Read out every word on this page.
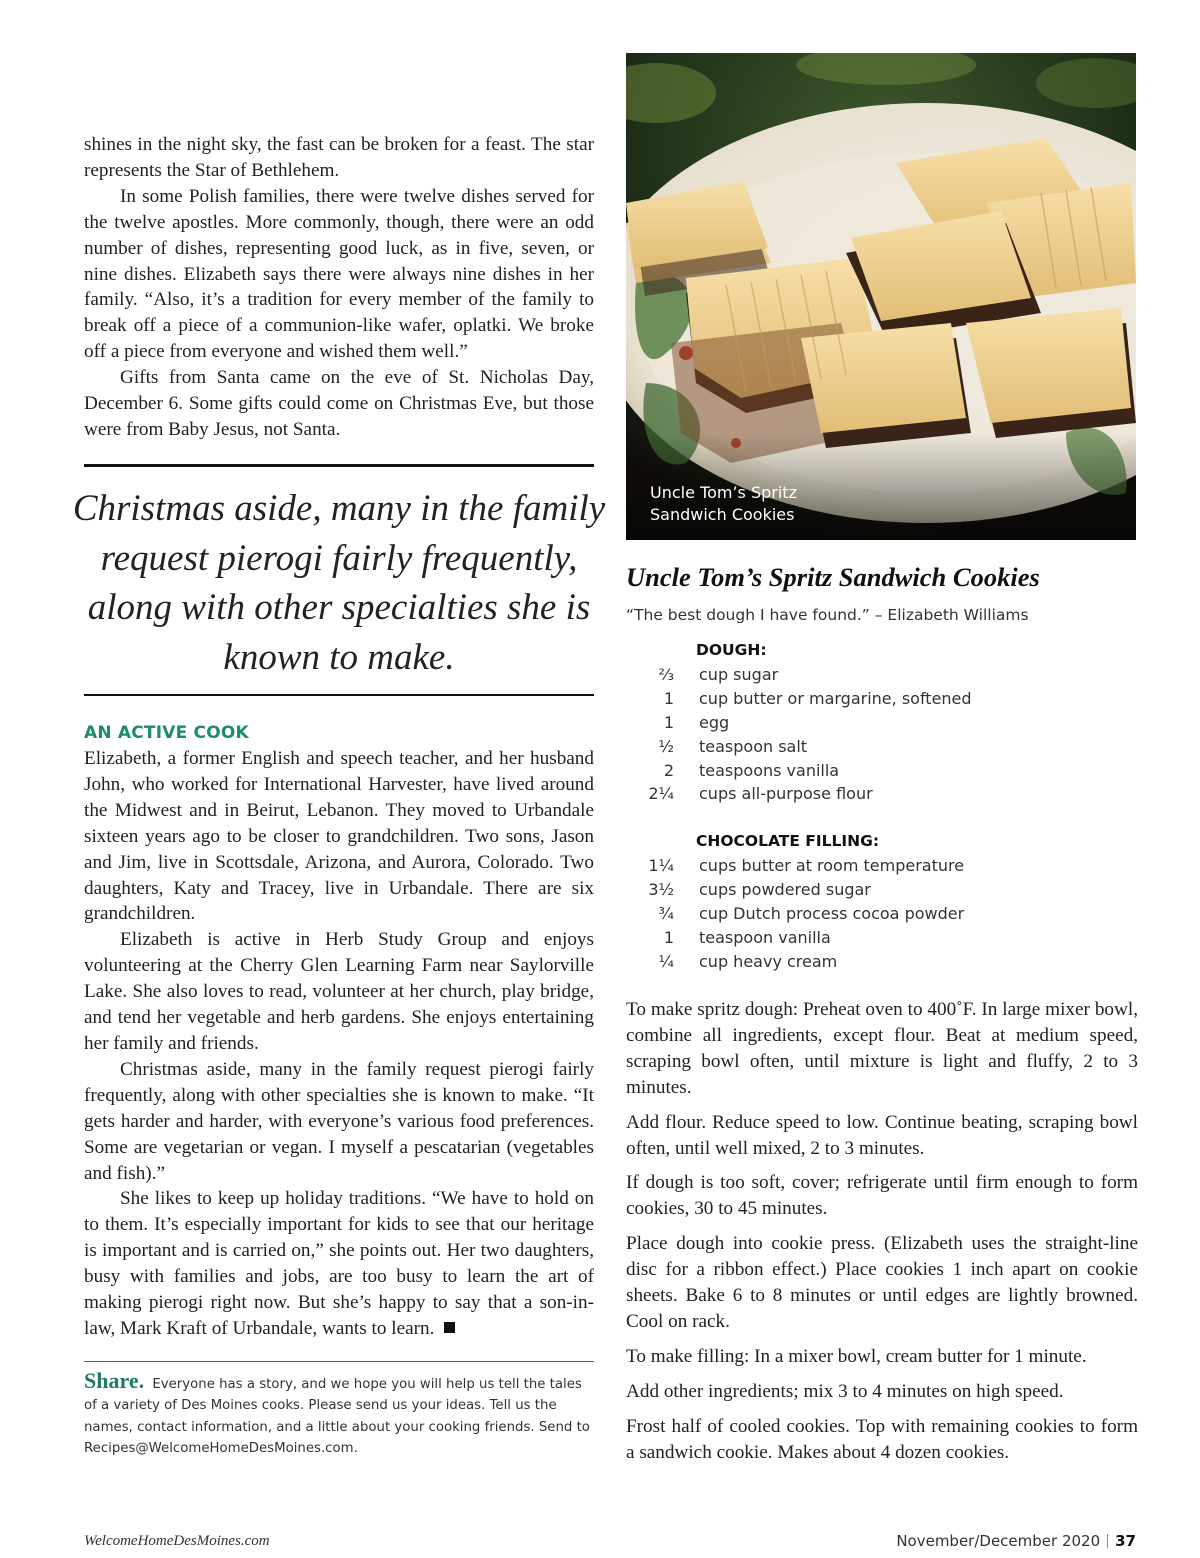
shines in the night sky, the fast can be broken for a feast. The star represents the Star of Bethlehem.

In some Polish families, there were twelve dishes served for the twelve apostles. More commonly, though, there were an odd number of dishes, representing good luck, as in five, seven, or nine dishes. Elizabeth says there were always nine dishes in her family. “Also, it’s a tradition for every member of the family to break off a piece of a communion-like wafer, oplatki. We broke off a piece from everyone and wished them well.”

Gifts from Santa came on the eve of St. Nicholas Day, December 6. Some gifts could come on Christmas Eve, but those were from Baby Jesus, not Santa.

Christmas aside, many in the family request pierogi fairly frequently, along with other specialties she is known to make.

AN ACTIVE COOK

Elizabeth, a former English and speech teacher, and her husband John, who worked for International Harvester, have lived around the Midwest and in Beirut, Lebanon. They moved to Urbandale sixteen years ago to be closer to grandchildren. Two sons, Jason and Jim, live in Scottsdale, Arizona, and Aurora, Colorado. Two daughters, Katy and Tracey, live in Urbandale. There are six grandchildren.

Elizabeth is active in Herb Study Group and enjoys volunteering at the Cherry Glen Learning Farm near Saylorville Lake. She also loves to read, volunteer at her church, play bridge, and tend her vegetable and herb gardens. She enjoys entertaining her family and friends.

Christmas aside, many in the family request pierogi fairly frequently, along with other specialties she is known to make. “It gets harder and harder, with everyone’s various food preferences. Some are vegetarian or vegan. I myself a pescatarian (vegetables and fish).”

She likes to keep up holiday traditions. “We have to hold on to them. It’s especially important for kids to see that our heritage is important and is carried on,” she points out. Her two daughters, busy with families and jobs, are too busy to learn the art of making pierogi right now. But she’s happy to say that a son-in- law, Mark Kraft of Urbandale, wants to learn.

Share. Everyone has a story, and we hope you will help us tell the tales of a variety of Des Moines cooks. Please send us your ideas. Tell us the names, contact information, and a little about your cooking friends. Send to Recipes@WelcomeHomeDesMoines.com.

Uncle Tom’s Spritz Sandwich Cookies

Uncle Tom’s Spritz Sandwich Cookies

“The best dough I have found.” – Elizabeth Williams

DOUGH:
⅔	cup sugar
1	cup butter or margarine, softened
1	egg
½	teaspoon salt
2	teaspoons vanilla
2¼	cups all-purpose flour
CHOCOLATE FILLING:
1¼	cups butter at room temperature
3½	cups powdered sugar
¾	cup Dutch process cocoa powder
1	teaspoon vanilla
¼	cup heavy cream

To make spritz dough: Preheat oven to 400˚F. In large mixer bowl, combine all ingredients, except flour. Beat at medium speed, scraping bowl often, until mixture is light and fluffy, 2 to 3 minutes.

Add flour. Reduce speed to low. Continue beating, scraping bowl often, until well mixed, 2 to 3 minutes.

If dough is too soft, cover; refrigerate until firm enough to form cookies, 30 to 45 minutes.

Place dough into cookie press. (Elizabeth uses the straight-line disc for a ribbon effect.) Place cookies 1 inch apart on cookie sheets. Bake 6 to 8 minutes or until edges are lightly browned. Cool on rack.

To make filling: In a mixer bowl, cream butter for 1 minute.

Add other ingredients; mix 3 to 4 minutes on high speed.

Frost half of cooled cookies. Top with remaining cookies to form a sandwich cookie. Makes about 4 dozen cookies.

WelcomeHomeDesMoines.com	November/December 2020 37
